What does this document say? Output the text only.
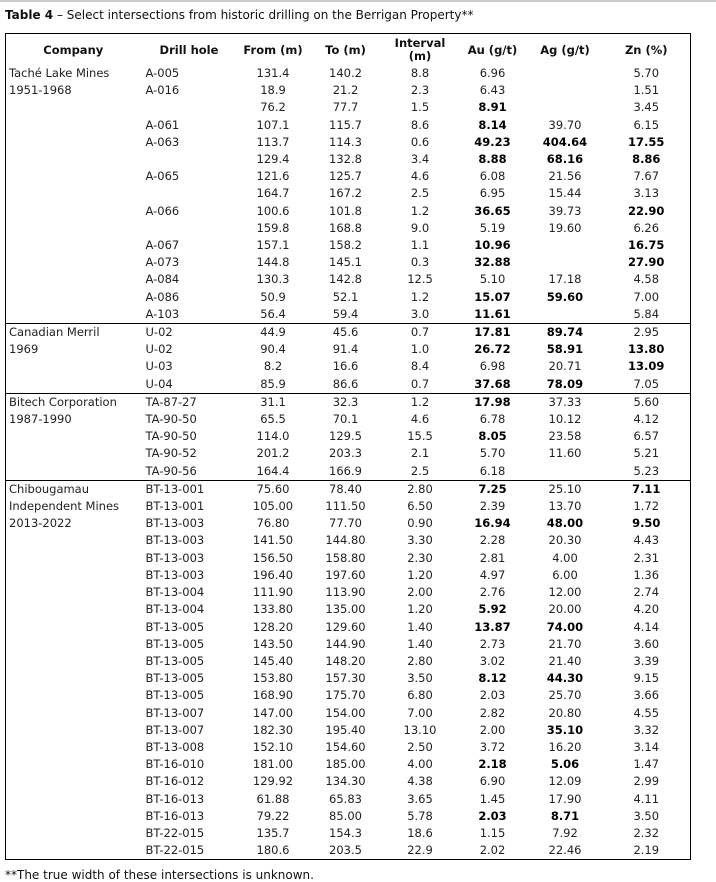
Table 4 – Select intersections from historic drilling on the Berrigan Property**
Company	Drill hole	From (m)	To (m)	Interval (m)	Au (g/t)	Ag (g/t)	Zn (%)

Taché Lake Mines
1951-1968	A-005	131.4	140.2	8.8	6.96		5.70
	A-016	18.9	21.2	2.3	6.43		1.51
		76.2	77.7	1.5	8.91		3.45
	A-061	107.1	115.7	8.6	8.14	39.70	6.15
	A-063	113.7	114.3	0.6	49.23	404.64	17.55
		129.4	132.8	3.4	8.88	68.16	8.86
	A-065	121.6	125.7	4.6	6.08	21.56	7.67
		164.7	167.2	2.5	6.95	15.44	3.13
	A-066	100.6	101.8	1.2	36.65	39.73	22.90
		159.8	168.8	9.0	5.19	19.60	6.26
	A-067	157.1	158.2	1.1	10.96		16.75
	A-073	144.8	145.1	0.3	32.88		27.90
	A-084	130.3	142.8	12.5	5.10	17.18	4.58
	A-086	50.9	52.1	1.2	15.07	59.60	7.00
	A-103	56.4	59.4	3.0	11.61		5.84

Canadian Merril
1969	U-02	44.9	45.6	0.7	17.81	89.74	2.95
	U-02	90.4	91.4	1.0	26.72	58.91	13.80
	U-03	8.2	16.6	8.4	6.98	20.71	13.09
	U-04	85.9	86.6	0.7	37.68	78.09	7.05

Bitech Corporation
1987-1990	TA-87-27	31.1	32.3	1.2	17.98	37.33	5.60
	TA-90-50	65.5	70.1	4.6	6.78	10.12	4.12
	TA-90-50	114.0	129.5	15.5	8.05	23.58	6.57
	TA-90-52	201.2	203.3	2.1	5.70	11.60	5.21
	TA-90-56	164.4	166.9	2.5	6.18		5.23

Chibougamau Independent Mines
2013-2022	BT-13-001	75.60	78.40	2.80	7.25	25.10	7.11
	BT-13-001	105.00	111.50	6.50	2.39	13.70	1.72
	BT-13-003	76.80	77.70	0.90	16.94	48.00	9.50
	BT-13-003	141.50	144.80	3.30	2.28	20.30	4.43
	BT-13-003	156.50	158.80	2.30	2.81	4.00	2.31
	BT-13-003	196.40	197.60	1.20	4.97	6.00	1.36
	BT-13-004	111.90	113.90	2.00	2.76	12.00	2.74
	BT-13-004	133.80	135.00	1.20	5.92	20.00	4.20
	BT-13-005	128.20	129.60	1.40	13.87	74.00	4.14
	BT-13-005	143.50	144.90	1.40	2.73	21.70	3.60
	BT-13-005	145.40	148.20	2.80	3.02	21.40	3.39
	BT-13-005	153.80	157.30	3.50	8.12	44.30	9.15
	BT-13-005	168.90	175.70	6.80	2.03	25.70	3.66
	BT-13-007	147.00	154.00	7.00	2.82	20.80	4.55
	BT-13-007	182.30	195.40	13.10	2.00	35.10	3.32
	BT-13-008	152.10	154.60	2.50	3.72	16.20	3.14
	BT-16-010	181.00	185.00	4.00	2.18	5.06	1.47
	BT-16-012	129.92	134.30	4.38	6.90	12.09	2.99
	BT-16-013	61.88	65.83	3.65	1.45	17.90	4.11
	BT-16-013	79.22	85.00	5.78	2.03	8.71	3.50
	BT-22-015	135.7	154.3	18.6	1.15	7.92	2.32
	BT-22-015	180.6	203.5	22.9	2.02	22.46	2.19
**The true width of these intersections is unknown.
